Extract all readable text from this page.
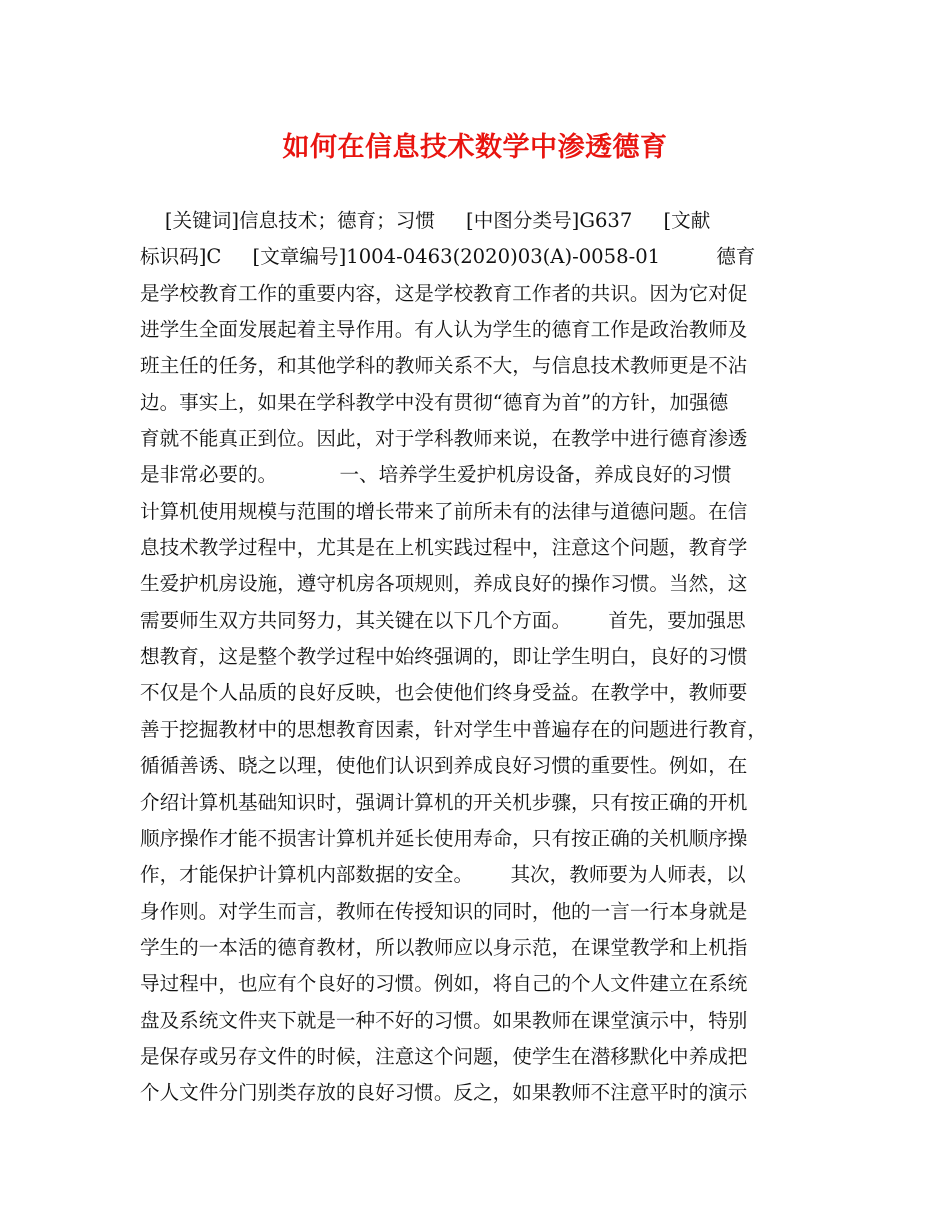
如何在信息技术数学中渗透德育
[关键词]信息技术；德育；习惯     [中图分类号]G637     [文献
标识码]C     [文章编号]1004-0463(2020)03(A)-0058-01         德育
是学校教育工作的重要内容，这是学校教育工作者的共识。因为它对促
进学生全面发展起着主导作用。有人认为学生的德育工作是政治教师及
班主任的任务，和其他学科的教师关系不大，与信息技术教师更是不沾
边。事实上，如果在学科教学中没有贯彻“德育为首”的方针，加强德
育就不能真正到位。因此，对于学科教师来说，在教学中进行德育渗透
是非常必要的。          一、培养学生爱护机房设备，养成良好的习惯
计算机使用规模与范围的增长带来了前所未有的法律与道德问题。在信
息技术教学过程中，尤其是在上机实践过程中，注意这个问题，教育学
生爱护机房设施，遵守机房各项规则，养成良好的操作习惯。当然，这
需要师生双方共同努力，其关键在以下几个方面。      首先，要加强思
想教育，这是整个教学过程中始终强调的，即让学生明白，良好的习惯
不仅是个人品质的良好反映，也会使他们终身受益。在教学中，教师要
善于挖掘教材中的思想教育因素，针对学生中普遍存在的问题进行教育，
循循善诱、晓之以理，使他们认识到养成良好习惯的重要性。例如，在
介绍计算机基础知识时，强调计算机的开关机步骤，只有按正确的开机
顺序操作才能不损害计算机并延长使用寿命，只有按正确的关机顺序操
作，才能保护计算机内部数据的安全。      其次，教师要为人师表，以
身作则。对学生而言，教师在传授知识的同时，他的一言一行本身就是
学生的一本活的德育教材，所以教师应以身示范，在课堂教学和上机指
导过程中，也应有个良好的习惯。例如，将自己的个人文件建立在系统
盘及系统文件夹下就是一种不好的习惯。如果教师在课堂演示中，特别
是保存或另存文件的时候，注意这个问题，使学生在潜移默化中养成把
个人文件分门别类存放的良好习惯。反之，如果教师不注意平时的演示
